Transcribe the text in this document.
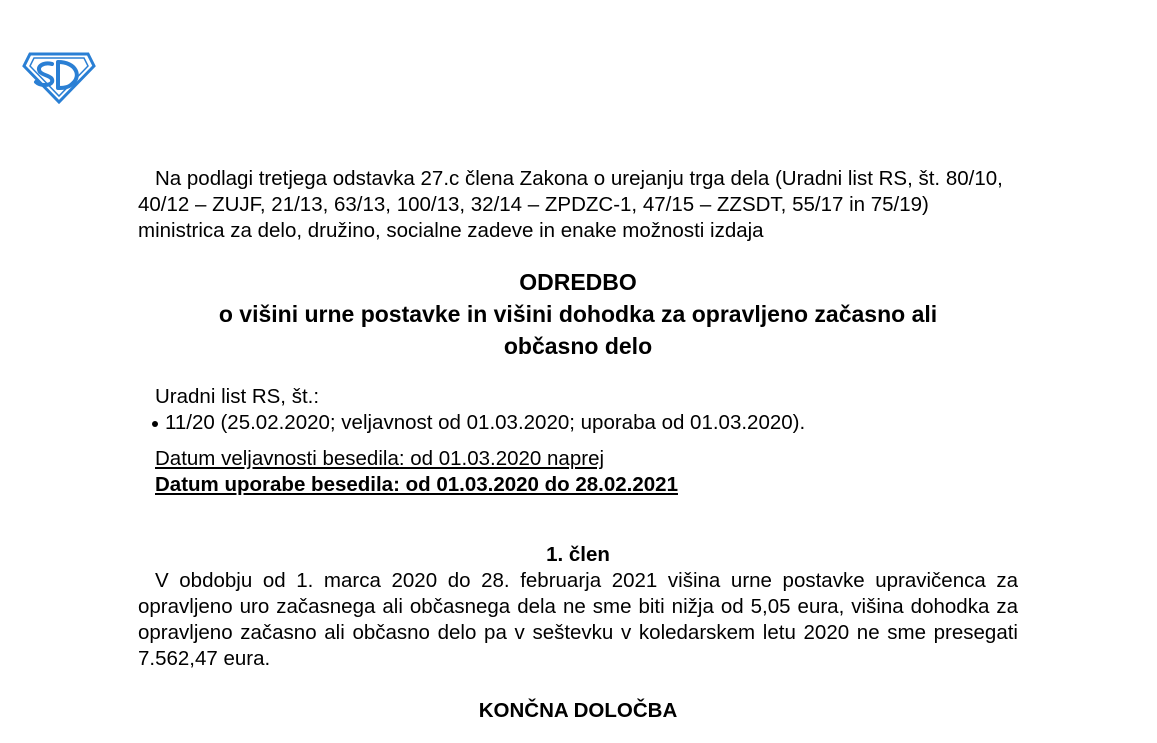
Na podlagi tretjega odstavka 27.c člena Zakona o urejanju trga dela (Uradni list RS, št. 80/10, 40/12 – ZUJF, 21/13, 63/13, 100/13, 32/14 – ZPDZC-1, 47/15 – ZZSDT, 55/17 in 75/19) ministrica za delo, družino, socialne zadeve in enake možnosti izdaja

ODREDBO
o višini urne postavke in višini dohodka za opravljeno začasno ali
občasno delo
Uradni list RS, št.:
11/20 (25.02.2020; veljavnost od 01.03.2020; uporaba od 01.03.2020).
Datum veljavnosti besedila: od 01.03.2020 naprej
Datum uporabe besedila: od 01.03.2020 do 28.02.2021
1. člen

V obdobju od 1. marca 2020 do 28. februarja 2021 višina urne postavke upravičenca za opravljeno uro začasnega ali občasnega dela ne sme biti nižja od 5,05 eura, višina dohodka za opravljeno začasno ali občasno delo pa v seštevku v koledarskem letu 2020 ne sme presegati 7.562,47 eura.

KONČNA DOLOČBA
